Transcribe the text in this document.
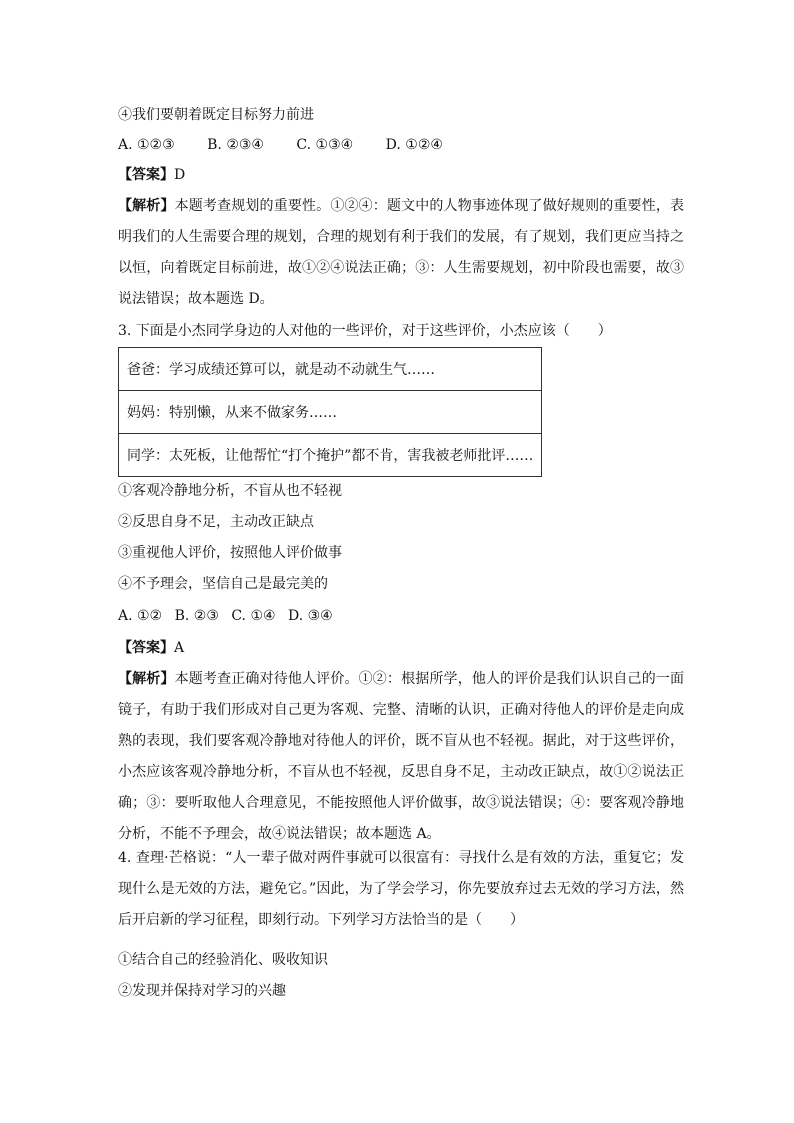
④我们要朝着既定目标努力前进
A. ①②③ B. ②③④ C. ①③④ D. ①②④
【答案】D
【解析】本题考查规划的重要性。①②④：题文中的人物事迹体现了做好规则的重要性，表明我们的人生需要合理的规划，合理的规划有利于我们的发展，有了规划，我们更应当持之以恒，向着既定目标前进，故①②④说法正确；③：人生需要规划，初中阶段也需要，故③说法错误；故本题选 D。
3. 下面是小杰同学身边的人对他的一些评价，对于这些评价，小杰应该（　　）
爸爸：学习成绩还算可以，就是动不动就生气……
妈妈：特别懒，从来不做家务……
同学：太死板，让他帮忙“打个掩护”都不肯，害我被老师批评……
①客观冷静地分析，不盲从也不轻视
②反思自身不足，主动改正缺点
③重视他人评价，按照他人评价做事
④不予理会，坚信自己是最完美的
A. ①② B. ②③ C. ①④ D. ③④
【答案】A
【解析】本题考查正确对待他人评价。①②：根据所学，他人的评价是我们认识自己的一面镜子，有助于我们形成对自己更为客观、完整、清晰的认识，正确对待他人的评价是走向成熟的表现，我们要客观冷静地对待他人的评价，既不盲从也不轻视。据此，对于这些评价，小杰应该客观冷静地分析，不盲从也不轻视，反思自身不足，主动改正缺点，故①②说法正确；③：要听取他人合理意见，不能按照他人评价做事，故③说法错误；④：要客观冷静地分析，不能不予理会，故④说法错误；故本题选 A。
4. 查理·芒格说：“人一辈子做对两件事就可以很富有：寻找什么是有效的方法，重复它；发现什么是无效的方法，避免它。”因此，为了学会学习，你先要放弃过去无效的学习方法，然后开启新的学习征程，即刻行动。下列学习方法恰当的是（　　）
①结合自己的经验消化、吸收知识
②发现并保持对学习的兴趣
